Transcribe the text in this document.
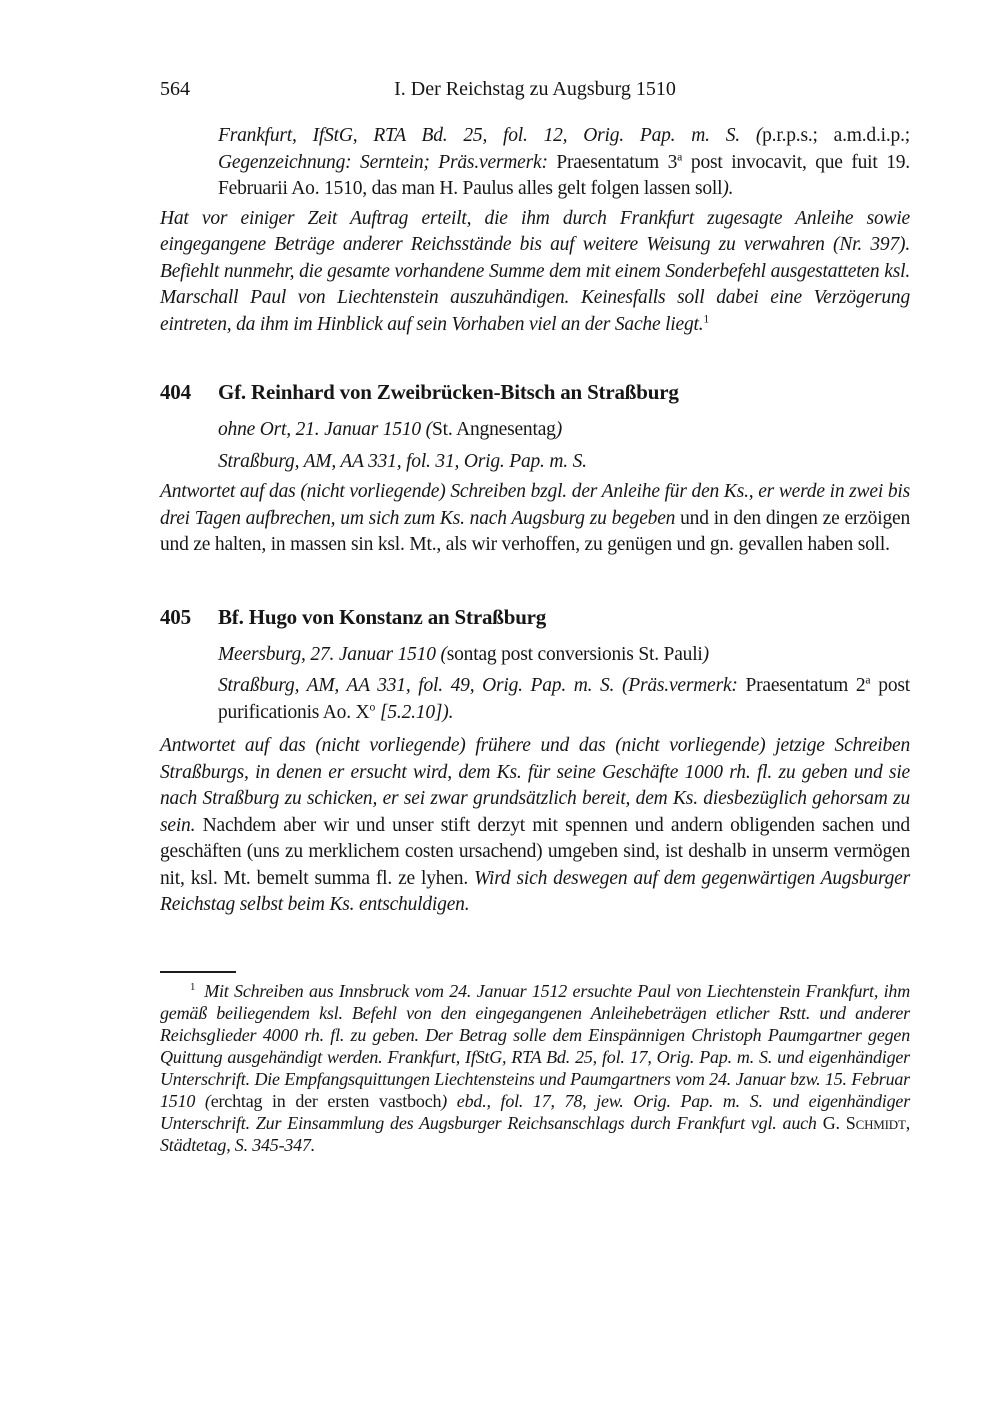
564	I. Der Reichstag zu Augsburg 1510

Frankfurt, IfStG, RTA Bd. 25, fol. 12, Orig. Pap. m. S. (p.r.p.s.; a.m.d.i.p.; Gegenzeichnung: Serntein; Präs.vermerk: Praesentatum 3$^a$ post invocavit, que fuit 19. Februarii Ao. 1510, das man H. Paulus alles gelt folgen lassen soll).

Hat vor einiger Zeit Auftrag erteilt, die ihm durch Frankfurt zugesagte Anleihe sowie eingegangene Beträge anderer Reichsstände bis auf weitere Weisung zu verwahren (Nr. 397). Befiehlt nunmehr, die gesamte vorhandene Summe dem mit einem Sonderbefehl ausgestatteten ksl. Marschall Paul von Liechtenstein auszuhändigen. Keinesfalls soll dabei eine Verzögerung eintreten, da ihm im Hinblick auf sein Vorhaben viel an der Sache liegt.$^1$

404	Gf. Reinhard von Zweibrücken-Bitsch an Straßburg

ohne Ort, 21. Januar 1510 (St. Angnesentag)

Straßburg, AM, AA 331, fol. 31, Orig. Pap. m. S.

Antwortet auf das (nicht vorliegende) Schreiben bzgl. der Anleihe für den Ks., er werde in zwei bis drei Tagen aufbrechen, um sich zum Ks. nach Augsburg zu begeben und in den dingen ze erzöigen und ze halten, in massen sin ksl. Mt., als wir verhoffen, zu genügen und gn. gevallen haben soll.

405	Bf. Hugo von Konstanz an Straßburg

Meersburg, 27. Januar 1510 (sontag post conversionis St. Pauli)

Straßburg, AM, AA 331, fol. 49, Orig. Pap. m. S. (Präs.vermerk: Praesentatum 2$^a$ post purificationis Ao. $X^o$ [5.2.10]).

Antwortet auf das (nicht vorliegende) frühere und das (nicht vorliegende) jetzige Schreiben Straßburgs, in denen er ersucht wird, dem Ks. für seine Geschäfte 1000 rh. fl. zu geben und sie nach Straßburg zu schicken, er sei zwar grundsätzlich bereit, dem Ks. diesbezüglich gehorsam zu sein. Nachdem aber wir und unser stift derzyt mit spennen und andern obligenden sachen und geschäften (uns zu merklichem costen ursachend) umgeben sind, ist deshalb in unserm vermögen nit, ksl. Mt. bemelt summa fl. ze lyhen. Wird sich deswegen auf dem gegenwärtigen Augsburger Reichstag selbst beim Ks. entschuldigen.

$^1$ Mit Schreiben aus Innsbruck vom 24. Januar 1512 ersuchte Paul von Liechtenstein Frankfurt, ihm gemäß beiliegendem ksl. Befehl von den eingegangenen Anleihebeträgen etlicher Rstt. und anderer Reichsglieder 4000 rh. fl. zu geben. Der Betrag solle dem Einspännigen Christoph Paumgartner gegen Quittung ausgehändigt werden. Frankfurt, IfStG, RTA Bd. 25, fol. 17, Orig. Pap. m. S. und eigenhändiger Unterschrift. Die Empfangsquittungen Liechtensteins und Paumgartners vom 24. Januar bzw. 15. Februar 1510 (erchtag in der ersten vastboch) ebd., fol. 17, 78, jew. Orig. Pap. m. S. und eigenhändiger Unterschrift. Zur Einsammlung des Augsburger Reichsanschlags durch Frankfurt vgl. auch G. Schmidt, Städtetag, S. 345-347.
